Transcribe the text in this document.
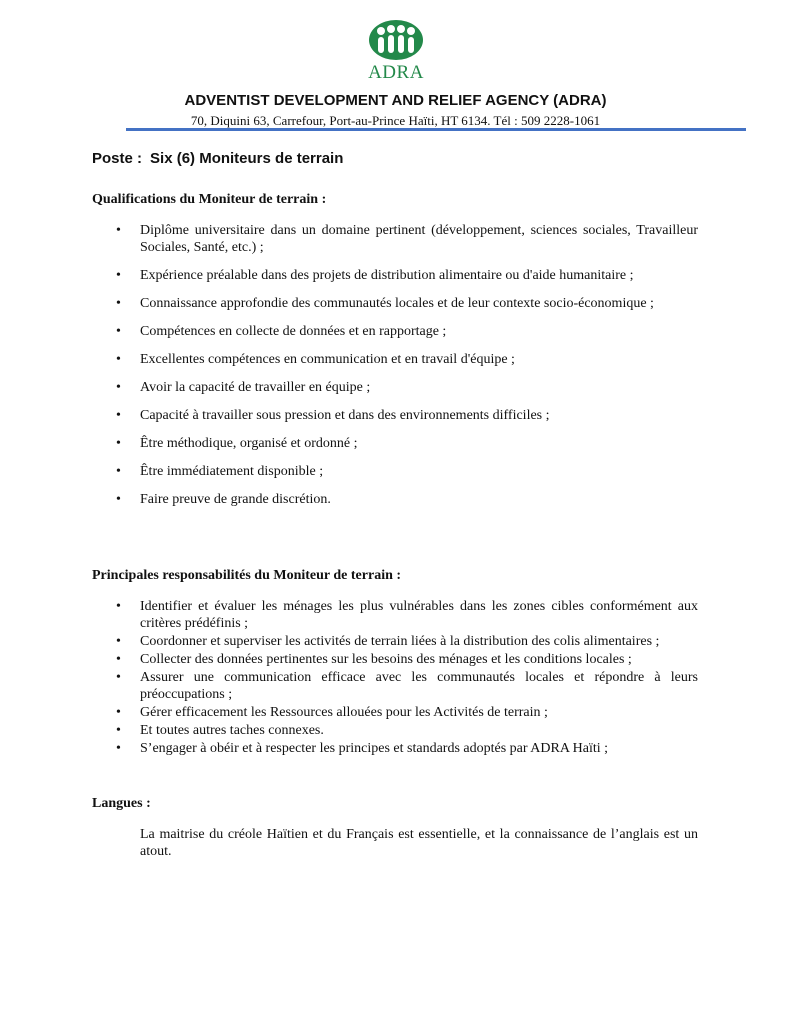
ADRA
ADVENTIST DEVELOPMENT AND RELIEF AGENCY (ADRA)
70, Diquini 63, Carrefour, Port-au-Prince Haïti, HT 6134. Tél : 509 2228-1061
Poste : Six (6) Moniteurs de terrain
Qualifications du Moniteur de terrain :
• Diplôme universitaire dans un domaine pertinent (développement, sciences sociales, Travailleur Sociales, Santé, etc.) ;
• Expérience préalable dans des projets de distribution alimentaire ou d'aide humanitaire ;
• Connaissance approfondie des communautés locales et de leur contexte socio-économique ;
• Compétences en collecte de données et en rapportage ;
• Excellentes compétences en communication et en travail d'équipe ;
• Avoir la capacité de travailler en équipe ;
• Capacité à travailler sous pression et dans des environnements difficiles ;
• Être méthodique, organisé et ordonné ;
• Être immédiatement disponible ;
• Faire preuve de grande discrétion.
Principales responsabilités du Moniteur de terrain :
• Identifier et évaluer les ménages les plus vulnérables dans les zones cibles conformément aux critères prédéfinis ;
• Coordonner et superviser les activités de terrain liées à la distribution des colis alimentaires ;
• Collecter des données pertinentes sur les besoins des ménages et les conditions locales ;
• Assurer une communication efficace avec les communautés locales et répondre à leurs préoccupations ;
• Gérer efficacement les Ressources allouées pour les Activités de terrain ;
• Et toutes autres taches connexes.
• S’engager à obéir et à respecter les principes et standards adoptés par ADRA Haïti ;
Langues :

La maitrise du créole Haïtien et du Français est essentielle, et la connaissance de l’anglais est un atout.
